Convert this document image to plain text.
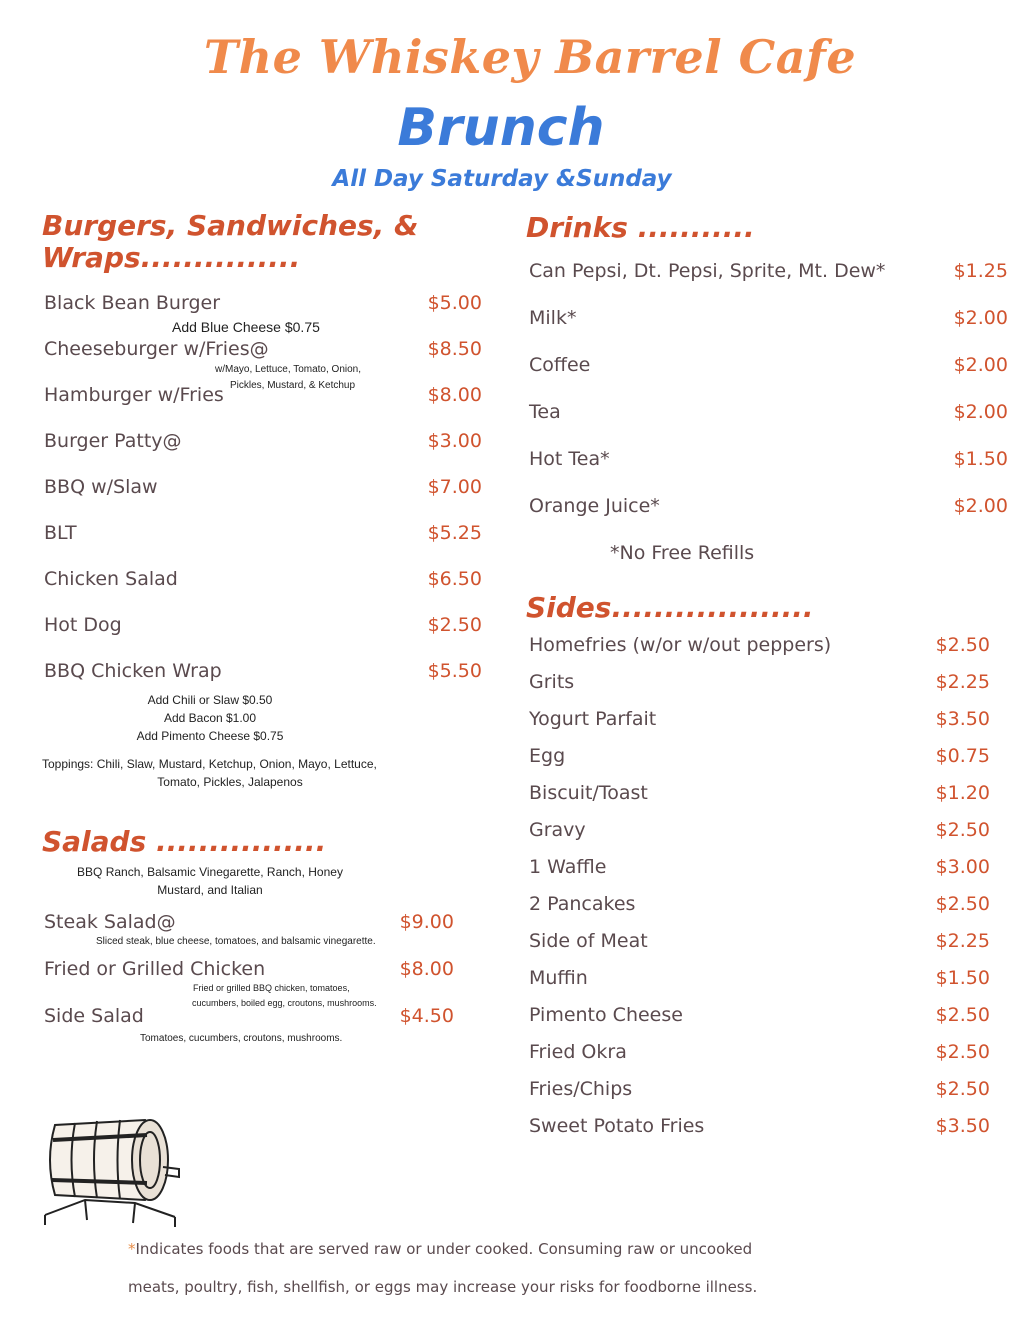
The Whiskey Barrel Cafe
Brunch
All Day Saturday &Sunday
Burgers, Sandwiches, &
Wraps...............
Black Bean Burger	$5.00
Add Blue Cheese $0.75
Cheeseburger w/Fries@	$8.50
w/Mayo, Lettuce, Tomato, Onion,
Pickles, Mustard, & Ketchup
Hamburger w/Fries	$8.00
Burger Patty@	$3.00
BBQ w/Slaw	$7.00
BLT	$5.25
Chicken Salad	$6.50
Hot Dog	$2.50
BBQ Chicken Wrap	$5.50
Add Chili or Slaw $0.50
Add Bacon $1.00
Add Pimento Cheese $0.75
Toppings: Chili, Slaw, Mustard, Ketchup, Onion, Mayo, Lettuce,
Tomato, Pickles, Jalapenos
Salads ................
BBQ Ranch, Balsamic Vinegarette, Ranch, Honey
Mustard, and Italian
Steak Salad@	$9.00
Sliced steak, blue cheese, tomatoes, and balsamic vinegarette.
Fried or Grilled Chicken	$8.00
Fried or grilled BBQ chicken, tomatoes,
cucumbers, boiled egg, croutons, mushrooms.
Side Salad	$4.50
Tomatoes, cucumbers, croutons, mushrooms.
Drinks ...........
Can Pepsi, Dt. Pepsi, Sprite, Mt. Dew*	$1.25
Milk*	$2.00
Coffee	$2.00
Tea	$2.00
Hot Tea*	$1.50
Orange Juice*	$2.00
*No Free Refills
Sides...................
Homefries (w/or w/out peppers)	$2.50
Grits	$2.25
Yogurt Parfait	$3.50
Egg	$0.75
Biscuit/Toast	$1.20
Gravy	$2.50
1 Waffle	$3.00
2 Pancakes	$2.50
Side of Meat	$2.25
Muffin	$1.50
Pimento Cheese	$2.50
Fried Okra	$2.50
Fries/Chips	$2.50
Sweet Potato Fries	$3.50
*Indicates foods that are served raw or under cooked. Consuming raw or uncooked
meats, poultry, fish, shellfish, or eggs may increase your risks for foodborne illness.
